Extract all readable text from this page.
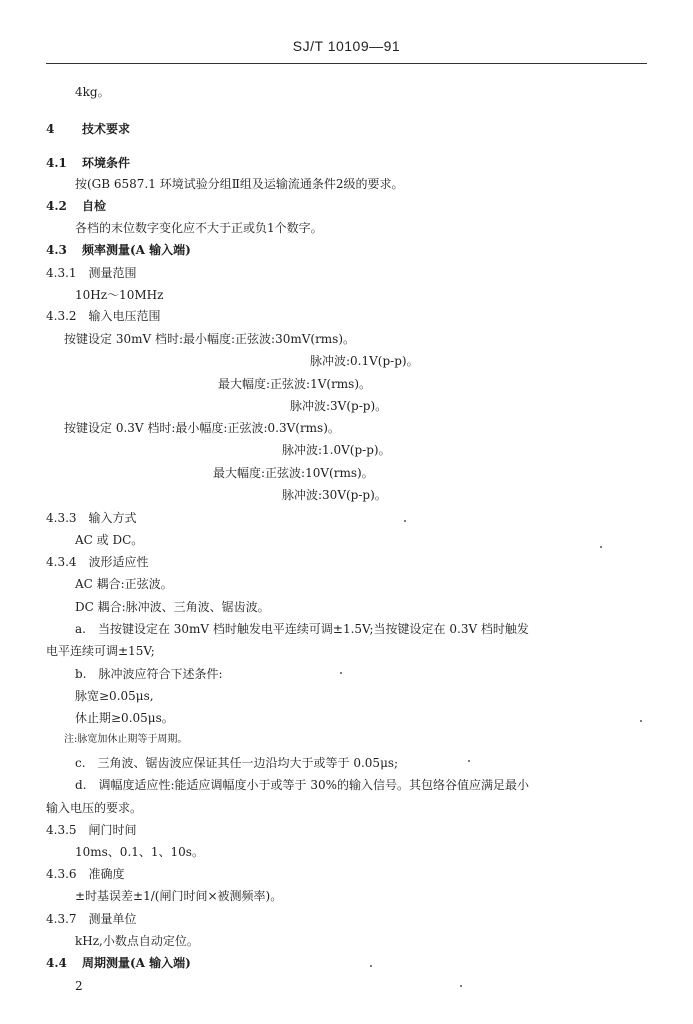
SJ/T 10109—91
4kg。
4 技术要求
4.1 环境条件
按(GB 6587.1 环境试验分组Ⅱ组及运输流通条件2级的要求。
4.2 自检
各档的末位数字变化应不大于正或负1个数字。
4.3 频率测量(A 输入端)
4.3.1 测量范围
10Hz～10MHz
4.3.2 输入电压范围
按键设定 30mV 档时:最小幅度:正弦波:30mV(rms)。
脉冲波:0.1V(p-p)。
最大幅度:正弦波:1V(rms)。
脉冲波:3V(p-p)。
按键设定 0.3V 档时:最小幅度:正弦波:0.3V(rms)。
脉冲波:1.0V(p-p)。
最大幅度:正弦波:10V(rms)。
脉冲波:30V(p-p)。
4.3.3 输入方式
AC 或 DC。
4.3.4 波形适应性
AC 耦合:正弦波。
DC 耦合:脉冲波、三角波、锯齿波。
a.　当按键设定在 30mV 档时触发电平连续可调±1.5V;当按键设定在 0.3V 档时触发
电平连续可调±15V;
b.　脉冲波应符合下述条件:
脉宽≥0.05μs,
休止期≥0.05μs。
注:脉宽加休止期等于周期。
c.　三角波、锯齿波应保证其任一边沿均大于或等于 0.05μs;
d.　调幅度适应性:能适应调幅度小于或等于 30%的输入信号。其包络谷值应满足最小
输入电压的要求。
4.3.5 闸门时间
10ms、0.1、1、10s。
4.3.6 准确度
±时基误差±1/(闸门时间×被测频率)。
4.3.7 测量单位
kHz,小数点自动定位。
4.4 周期测量(A 输入端)
2
